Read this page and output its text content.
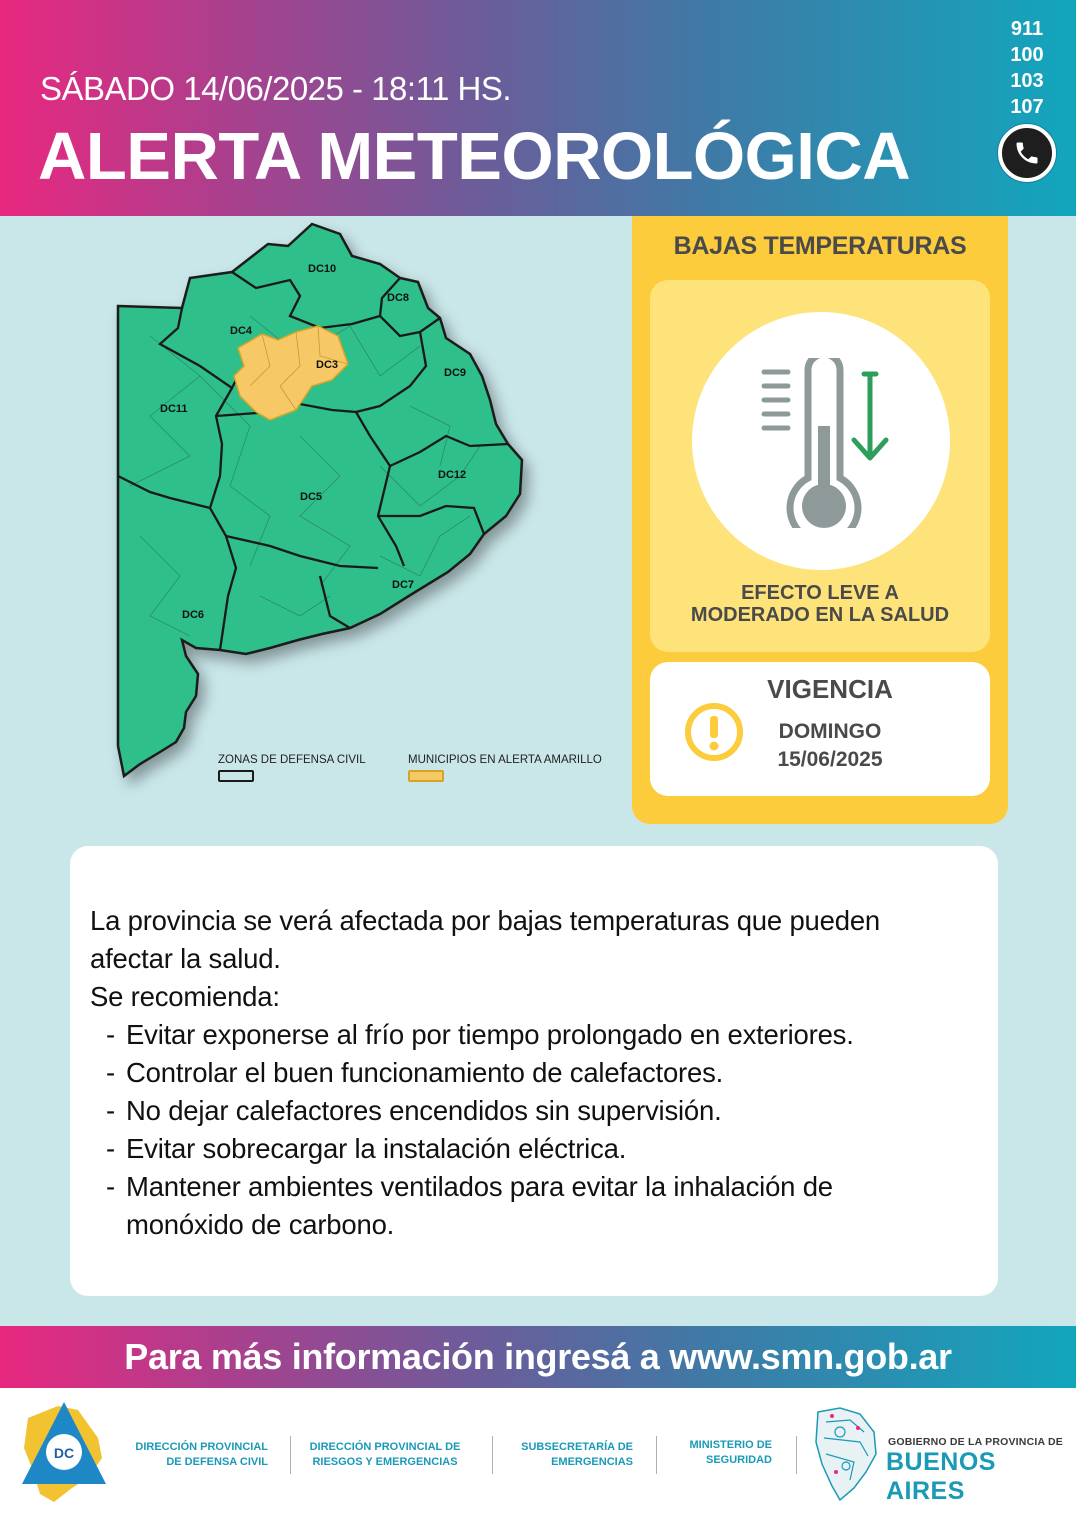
SÁBADO 14/06/2025 - 18:11 HS.
ALERTA METEOROLÓGICA
911
100
103
107
DC10
DC8
DC4
DC3
DC9
DC11
DC12
DC5
DC7
DC6
ZONAS DE DEFENSA CIVIL	MUNICIPIOS EN ALERTA AMARILLO
BAJAS TEMPERATURAS
EFECTO LEVE A
MODERADO EN LA SALUD
VIGENCIA
DOMINGO
15/06/2025
La provincia se verá afectada por bajas temperaturas que pueden
afectar la salud.
Se recomienda:
- Evitar exponerse al frío por tiempo prolongado en exteriores.
- Controlar el buen funcionamiento de calefactores.
- No dejar calefactores encendidos sin supervisión.
- Evitar sobrecargar la instalación eléctrica.
- Mantener ambientes ventilados para evitar la inhalación de
monóxido de carbono.
Para más información ingresá a www.smn.gob.ar
DC	DIRECCIÓN PROVINCIAL
DE DEFENSA CIVIL
DIRECCIÓN PROVINCIAL DE
RIESGOS Y EMERGENCIAS
SUBSECRETARÍA DE
EMERGENCIAS
MINISTERIO DE
SEGURIDAD
GOBIERNO DE LA PROVINCIA DE
BUENOS AIRES
